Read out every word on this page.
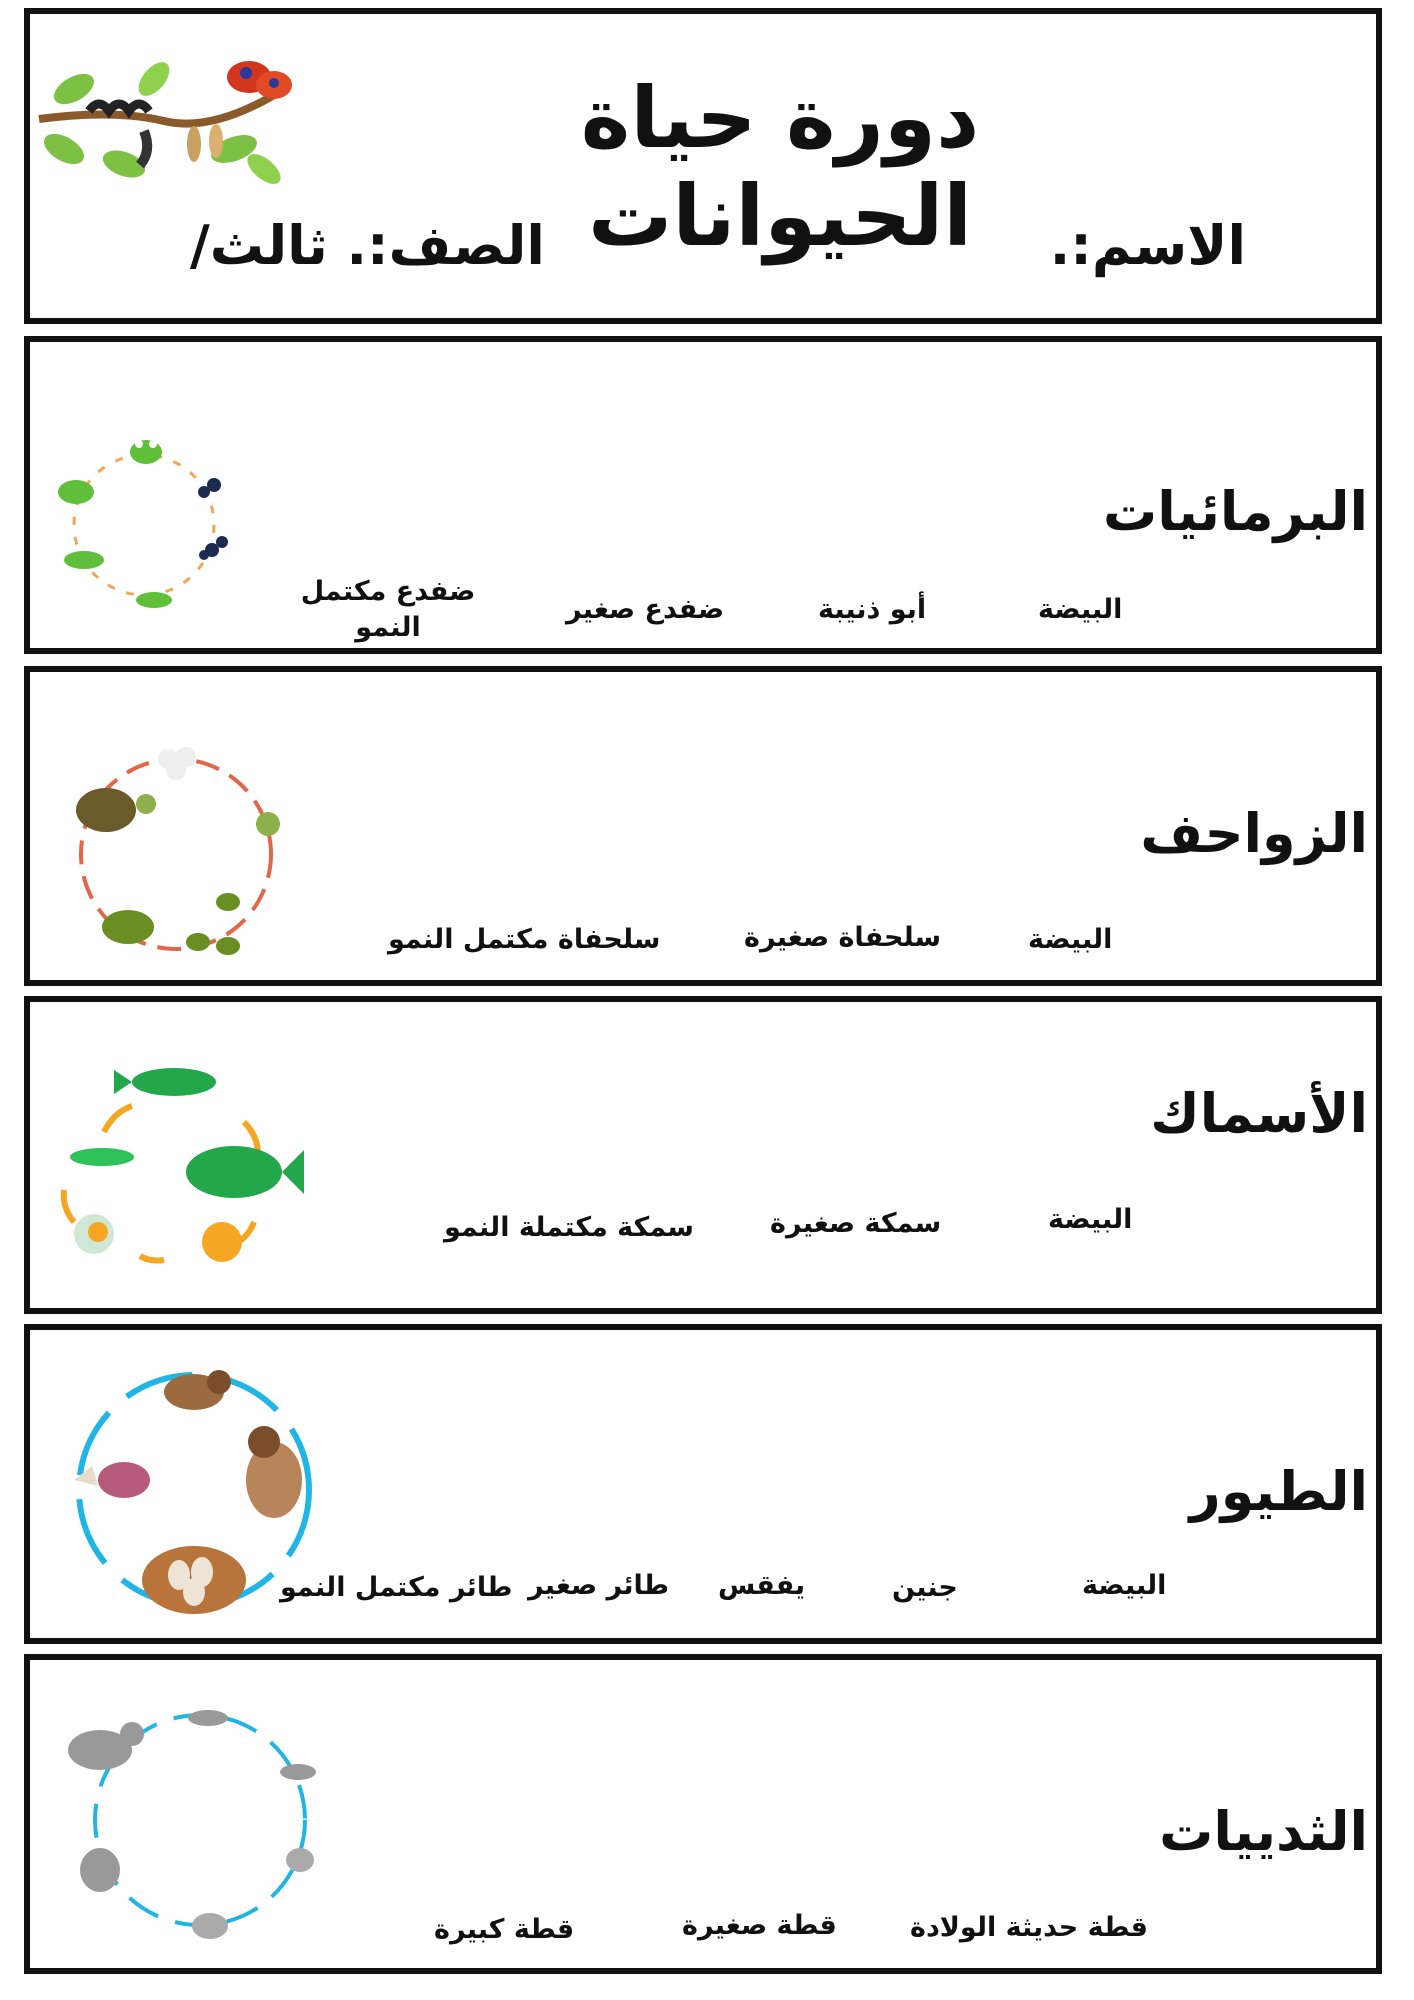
دورة حياة الحيوانات	الاسم:.
الصف:. ثالث/
البرمائيات
البيضة
أبو ذنيبة
ضفدع صغير
ضفدع مكتمل النمو
الزواحف
البيضة
سلحفاة صغيرة
سلحفاة مكتمل النمو
الأسماك
البيضة
سمكة صغيرة
سمكة مكتملة النمو
الطيور
البيضة
جنين
يفقس
طائر صغير
طائر مكتمل النمو
الثدييات
قطة حديثة الولادة
قطة صغيرة
قطة كبيرة
